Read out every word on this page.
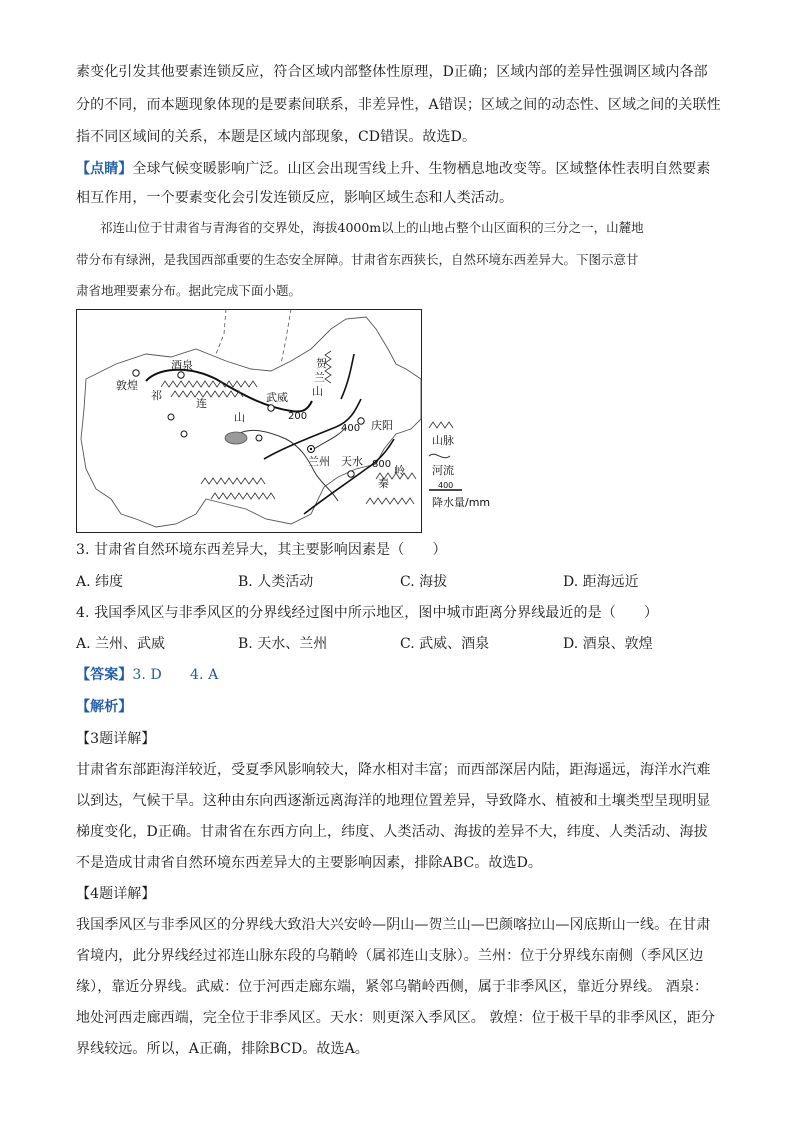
素变化引发其他要素连锁反应，符合区域内部整体性原理，D正确；区域内部的差异性强调区域内各部
分的不同，而本题现象体现的是要素间联系，非差异性，A错误；区域之间的动态性、区域之间的关联性
指不同区域间的关系，本题是区域内部现象，CD错误。故选D。
【点睛】全球气候变暖影响广泛。山区会出现雪线上升、生物栖息地改变等。区域整体性表明自然要素
相互作用，一个要素变化会引发连锁反应，影响区域生态和人类活动。
祁连山位于甘肃省与青海省的交界处，海拔4000m以上的山地占整个山区面积的三分之一，山麓地
带分布有绿洲，是我国西部重要的生态安全屏障。甘肃省东西狭长，自然环境东西差异大。下图示意甘
肃省地理要素分布。据此完成下面小题。
敦煌
酒泉
武威
庆阳
兰州 天水
祁
连
山
贺
兰
山
秦
岭
200
400
800
山脉
河流
400
降水量/mm
3. 甘肃省自然环境东西差异大，其主要影响因素是（　　）
A. 纬度	B. 人类活动	C. 海拔	D. 距海远近
4. 我国季风区与非季风区的分界线经过图中所示地区，图中城市距离分界线最近的是（　　）
A. 兰州、武威	B. 天水、兰州	C. 武威、酒泉	D. 酒泉、敦煌
【答案】3. D　　4. A
【解析】
【3题详解】
甘肃省东部距海洋较近，受夏季风影响较大，降水相对丰富；而西部深居内陆，距海遥远，海洋水汽难
以到达，气候干旱。这种由东向西逐渐远离海洋的地理位置差异，导致降水、植被和土壤类型呈现明显
梯度变化，D正确。甘肃省在东西方向上，纬度、人类活动、海拔的差异不大，纬度、人类活动、海拔
不是造成甘肃省自然环境东西差异大的主要影响因素，排除ABC。故选D。
【4题详解】
我国季风区与非季风区的分界线大致沿大兴安岭—阴山—贺兰山—巴颜喀拉山—冈底斯山一线。在甘肃
省境内，此分界线经过祁连山脉东段的乌鞘岭（属祁连山支脉）。兰州：位于分界线东南侧（季风区边
缘），靠近分界线。武威：位于河西走廊东端，紧邻乌鞘岭西侧，属于非季风区，靠近分界线。 酒泉：
地处河西走廊西端，完全位于非季风区。天水：则更深入季风区。 敦煌：位于极干旱的非季风区，距分
界线较远。所以，A正确，排除BCD。故选A。
